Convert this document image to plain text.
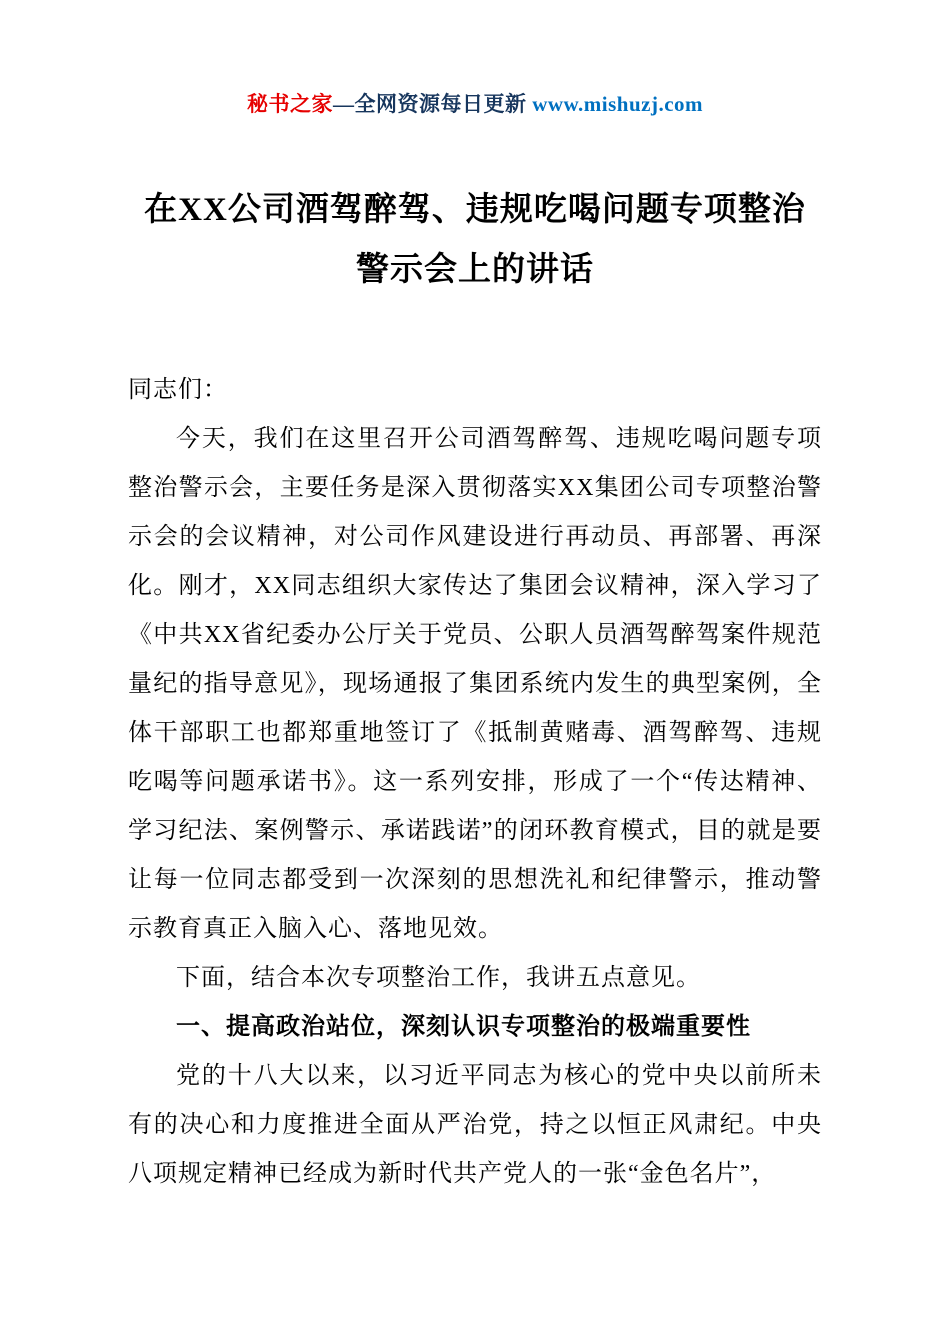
秘书之家—全网资源每日更新 www.mishuzj.com
在XX公司酒驾醉驾、违规吃喝问题专项整治警示会上的讲话

同志们：

今天，我们在这里召开公司酒驾醉驾、违规吃喝问题专项整治警示会，主要任务是深入贯彻落实XX集团公司专项整治警示会的会议精神，对公司作风建设进行再动员、再部署、再深化。刚才，XX同志组织大家传达了集团会议精神，深入学习了《中共XX省纪委办公厅关于党员、公职人员酒驾醉驾案件规范量纪的指导意见》，现场通报了集团系统内发生的典型案例，全体干部职工也都郑重地签订了《抵制黄赌毒、酒驾醉驾、违规吃喝等问题承诺书》。这一系列安排，形成了一个“传达精神、学习纪法、案例警示、承诺践诺”的闭环教育模式，目的就是要让每一位同志都受到一次深刻的思想洗礼和纪律警示，推动警示教育真正入脑入心、落地见效。

下面，结合本次专项整治工作，我讲五点意见。

一、提高政治站位，深刻认识专项整治的极端重要性

党的十八大以来，以习近平同志为核心的党中央以前所未有的决心和力度推进全面从严治党，持之以恒正风肃纪。中央八项规定精神已经成为新时代共产党人的一张“金色名片”，
